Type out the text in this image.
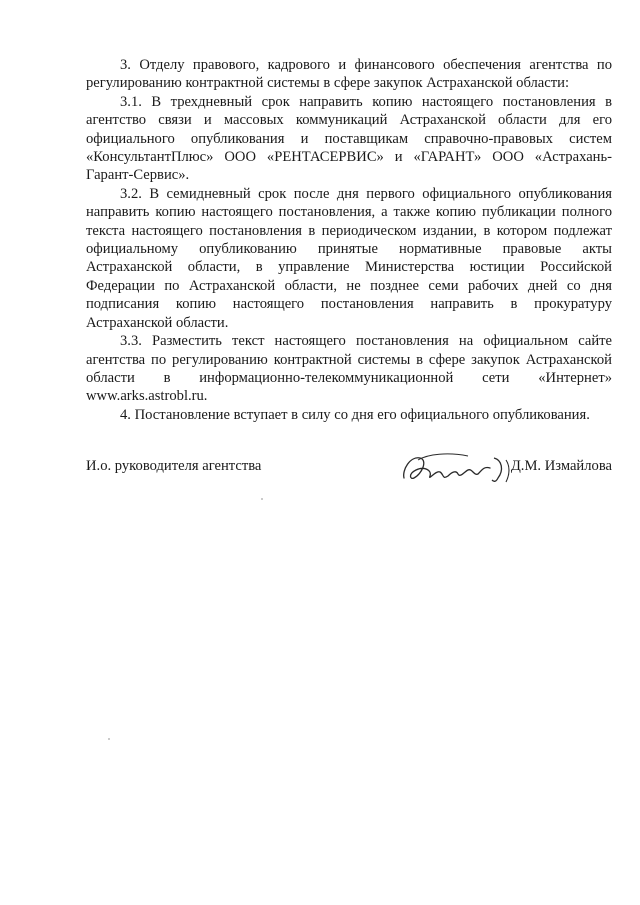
3. Отделу правового, кадрового и финансового обеспечения агентства по регулированию контрактной системы в сфере закупок Астраханской области:

3.1. В трехдневный срок направить копию настоящего постановления в агентство связи и массовых коммуникаций Астраханской области для его официального опубликования и поставщикам справочно-правовых систем «КонсультантПлюс» ООО «РЕНТАСЕРВИС» и «ГАРАНТ» ООО «Астрахань-Гарант-Сервис».

3.2. В семидневный срок после дня первого официального опубликования направить копию настоящего постановления, а также копию публикации полного текста настоящего постановления в периодическом издании, в котором подлежат официальному опубликованию принятые нормативные правовые акты Астраханской области, в управление Министерства юстиции Российской Федерации по Астраханской области, не позднее семи рабочих дней со дня подписания копию настоящего постановления направить в прокуратуру Астраханской области.

3.3. Разместить текст настоящего постановления на официальном сайте агентства по регулированию контрактной системы в сфере закупок Астраханской области в информационно-телекоммуникационной сети «Интернет» www.arks.astrobl.ru.

4. Постановление вступает в силу со дня его официального опубликования.

И.о. руководителя агентства	Д.М. Измайлова
